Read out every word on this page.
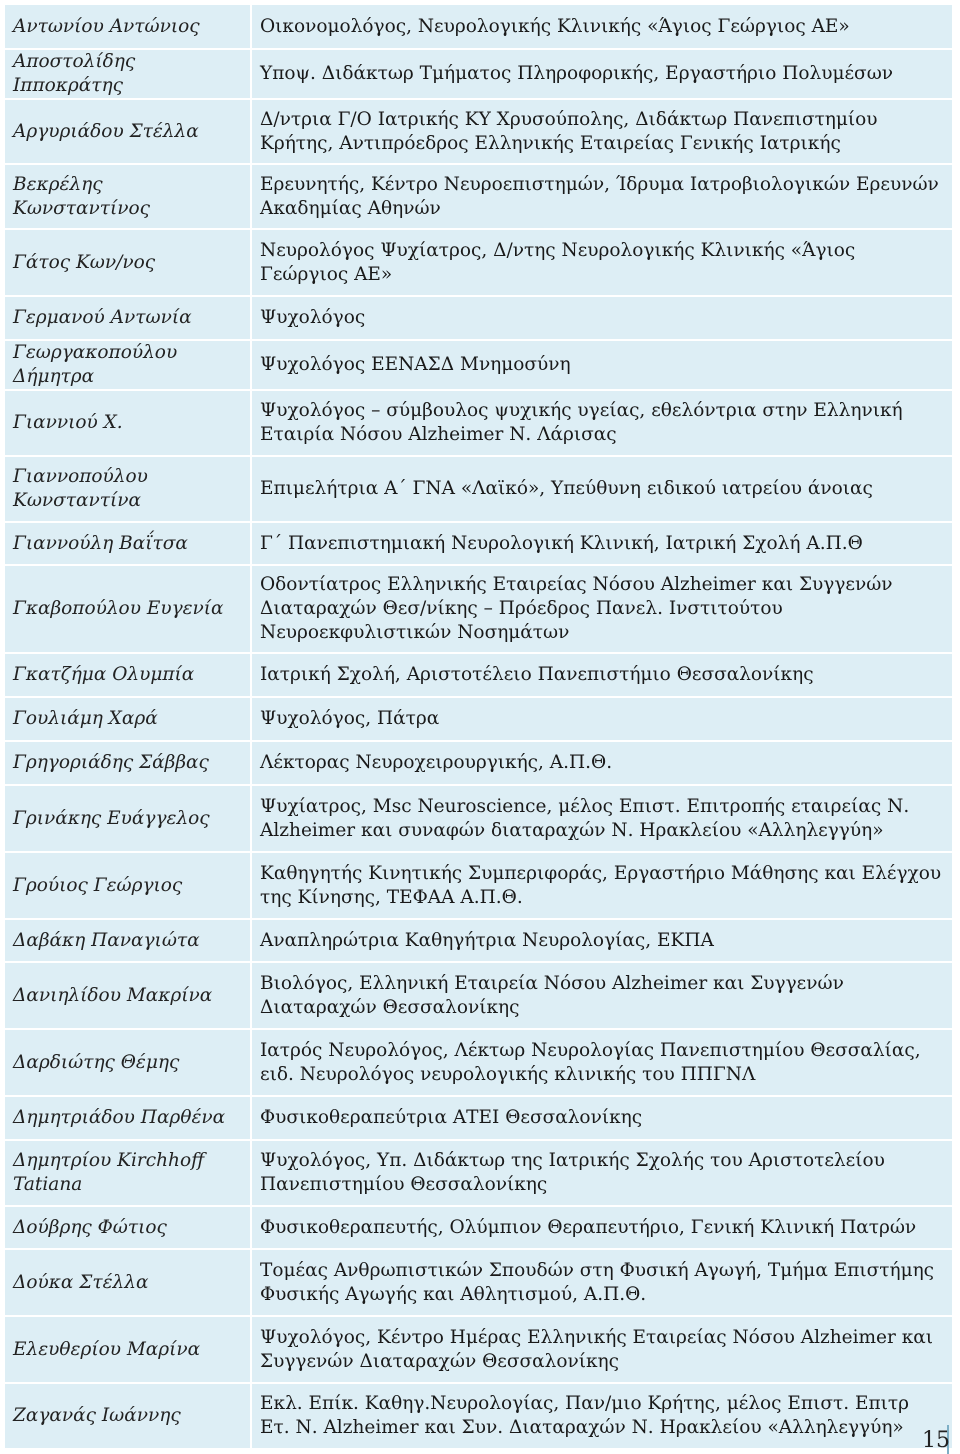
Αντωνίου Αντώνιος	Οικονομολόγος, Νευρολογικής Κλινικής «Άγιος Γεώργιος ΑΕ»
Αποστολίδης Ιπποκράτης	Υποψ. Διδάκτωρ Τμήματος Πληροφορικής, Εργαστήριο Πολυμέσων
Αργυριάδου Στέλλα	Δ/ντρια Γ/Ο Ιατρικής ΚΥ Χρυσούπολης, Διδάκτωρ Πανεπιστημίου Κρήτης, Αντιπρόεδρος Ελληνικής Εταιρείας Γενικής Ιατρικής
Βεκρέλης Κωνσταντίνος	Ερευνητής, Κέντρο Νευροεπιστημών, Ίδρυμα Ιατροβιολογικών Ερευνών Ακαδημίας Αθηνών
Γάτος Κων/νος	Νευρολόγος Ψυχίατρος, Δ/ντης Νευρολογικής Κλινικής «Άγιος Γεώργιος ΑΕ»
Γερμανού Αντωνία	Ψυχολόγος
Γεωργακοπούλου Δήμητρα	Ψυχολόγος ΕΕΝΑΣΔ Μνημοσύνη
Γιαννιού Χ.	Ψυχολόγος – σύμβουλος ψυχικής υγείας, εθελόντρια στην Ελληνική Εταιρία Νόσου Alzheimer Ν. Λάρισας
Γιαννοπούλου Κωνσταντίνα	Επιμελήτρια Α΄ ΓΝΑ «Λαϊκό», Υπεύθυνη ειδικού ιατρείου άνοιας
Γιαννούλη Βαΐτσα	Γ΄ Πανεπιστημιακή Νευρολογική Κλινική, Ιατρική Σχολή Α.Π.Θ
Γκαβοπούλου Ευγενία	Οδοντίατρος Ελληνικής Εταιρείας Νόσου Alzheimer και Συγγενών Διαταραχών Θεσ/νίκης – Πρόεδρος Πανελ. Ινστιτούτου Νευροεκφυλιστικών Νοσημάτων
Γκατζήμα Ολυμπία	Ιατρική Σχολή, Αριστοτέλειο Πανεπιστήμιο Θεσσαλονίκης
Γουλιάμη Χαρά	Ψυχολόγος, Πάτρα
Γρηγοριάδης Σάββας	Λέκτορας Νευροχειρουργικής, Α.Π.Θ.
Γρινάκης Ευάγγελος	Ψυχίατρος, Msc Neuroscience, μέλος Επιστ. Επιτροπής εταιρείας Ν. Alzheimer και συναφών διαταραχών Ν. Ηρακλείου «Αλληλεγγύη»
Γρούιος Γεώργιος	Καθηγητής Κινητικής Συμπεριφοράς, Εργαστήριο Μάθησης και Ελέγχου της Κίνησης, ΤΕΦΑΑ Α.Π.Θ.
Δαβάκη Παναγιώτα	Αναπληρώτρια Καθηγήτρια Νευρολογίας, ΕΚΠΑ
Δανιηλίδου Μακρίνα	Βιολόγος, Ελληνική Εταιρεία Νόσου Alzheimer και Συγγενών Διαταραχών Θεσσαλονίκης
Δαρδιώτης Θέμης	Ιατρός Νευρολόγος, Λέκτωρ Νευρολογίας Πανεπιστημίου Θεσσαλίας, ειδ. Νευρολόγος νευρολογικής κλινικής του ΠΠΓΝΛ
Δημητριάδου Παρθένα	Φυσικοθεραπεύτρια ΑΤΕΙ Θεσσαλονίκης
Δημητρίου Kirchhoff Tatiana	Ψυχολόγος, Υπ. Διδάκτωρ της Ιατρικής Σχολής του Αριστοτελείου Πανεπιστημίου Θεσσαλονίκης
Δούβρης Φώτιος	Φυσικοθεραπευτής, Ολύμπιον Θεραπευτήριο, Γενική Κλινική Πατρών
Δούκα Στέλλα	Τομέας Ανθρωπιστικών Σπουδών στη Φυσική Αγωγή, Τμήμα Επιστήμης Φυσικής Αγωγής και Αθλητισμού, Α.Π.Θ.
Ελευθερίου Μαρίνα	Ψυχολόγος, Κέντρο Ημέρας Ελληνικής Εταιρείας Νόσου Alzheimer και Συγγενών Διαταραχών Θεσσαλονίκης
Ζαγανάς Ιωάννης	Εκλ. Επίκ. Καθηγ.Νευρολογίας, Παν/μιο Κρήτης, μέλος Επιστ. Επιτρ Ετ. Ν. Alzheimer και Συν. Διαταραχών Ν. Ηρακλείου «Αλληλεγγύη»
15
